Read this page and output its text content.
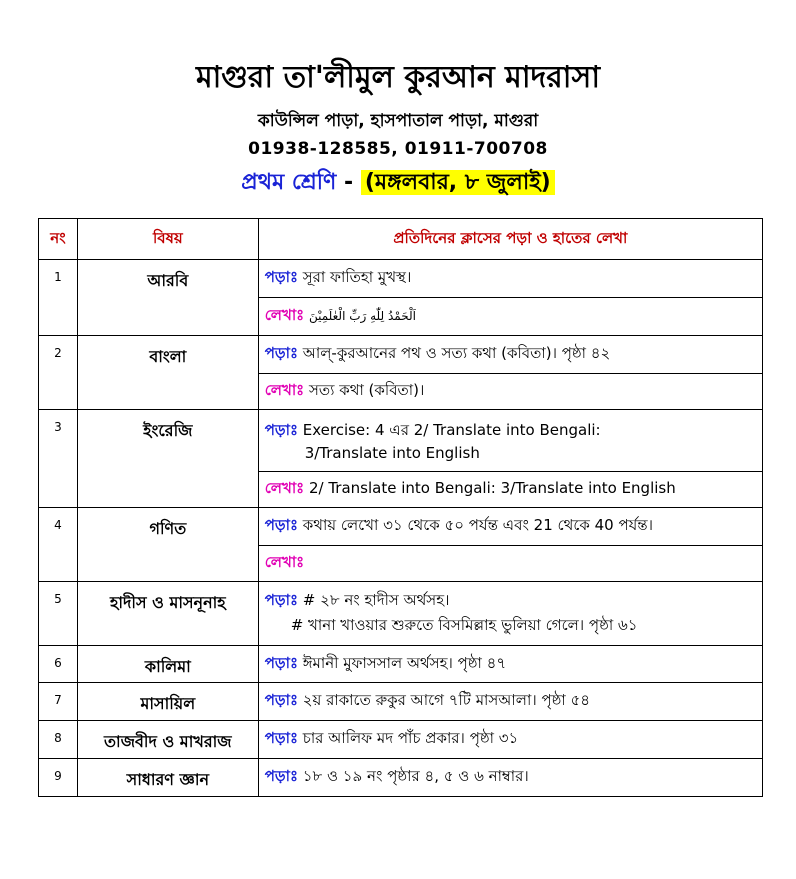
মাগুরা তা'লীমুল কুরআন মাদরাসা
কাউন্সিল পাড়া, হাসপাতাল পাড়া, মাগুরা
01938-128585, 01911-700708
প্রথম শ্রেণি - (মঙ্গলবার, ৮ জুলাই)
নং	বিষয়	প্রতিদিনের ক্লাসের পড়া ও হাতের লেখা
1	আরবি	পড়াঃ সূরা ফাতিহা মুখস্থ।
		লেখাঃ اَلْحَمْدُ لِلّٰهِ رَبِّ الْعٰلَمِيْنَ
2	বাংলা	পড়াঃ আল্-কুরআনের পথ ও সত্য কথা (কবিতা)। পৃষ্ঠা ৪২
		লেখাঃ সত্য কথা (কবিতা)।
3	ইংরেজি	পড়াঃ Exercise: 4 এর 2/ Translate into Bengali:
3/Translate into English

		লেখাঃ 2/ Translate into Bengali: 3/Translate into English
4	গণিত	পড়াঃ কথায় লেখো ৩১ থেকে ৫০ পর্যন্ত এবং 21 থেকে 40 পর্যন্ত।
		লেখাঃ
5	হাদীস ও মাসনূনাহ	পড়াঃ # ২৮ নং হাদীস অর্থসহ।
# খানা খাওয়ার শুরুতে বিসমিল্লাহ ভুলিয়া গেলে। পৃষ্ঠা ৬১

6	কালিমা	পড়াঃ ঈমানী মুফাসসাল অর্থসহ। পৃষ্ঠা ৪৭
7	মাসায়িল	পড়াঃ ২য় রাকাতে রুকুর আগে ৭টি মাসআলা। পৃষ্ঠা ৫৪
8	তাজবীদ ও মাখরাজ	পড়াঃ চার আলিফ মদ পাঁচ প্রকার। পৃষ্ঠা ৩১
9	সাধারণ জ্ঞান	পড়াঃ ১৮ ও ১৯ নং পৃষ্ঠার ৪, ৫ ও ৬ নাম্বার।
